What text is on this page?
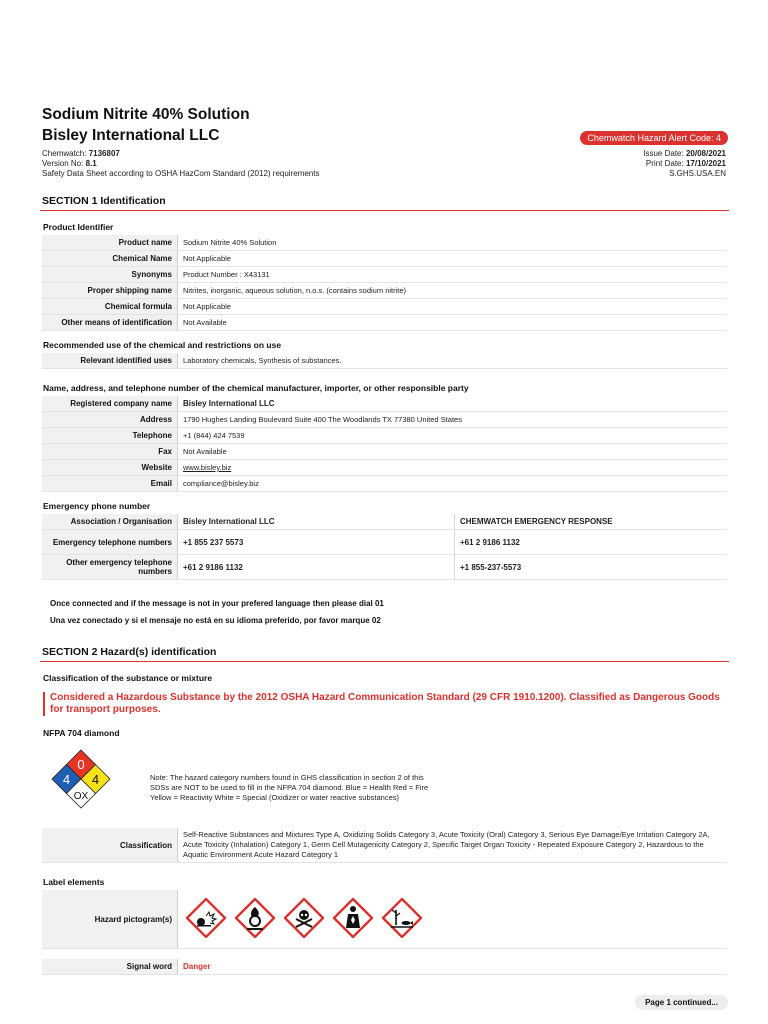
Sodium Nitrite 40% Solution
Bisley International LLC
Chemwatch: 7136807
Version No: 8.1
Safety Data Sheet according to OSHA HazCom Standard (2012) requirements
Chemwatch Hazard Alert Code: 4
Issue Date: 20/08/2021
Print Date: 17/10/2021
S.GHS.USA.EN
SECTION 1 Identification
Product Identifier
Product name	Sodium Nitrite 40% Solution
Chemical Name	Not Applicable
Synonyms	Product Number : X43131
Proper shipping name	Nitrites, inorganic, aqueous solution, n.o.s. (contains sodium nitrite)
Chemical formula	Not Applicable
Other means of identification	Not Available
Recommended use of the chemical and restrictions on use
Relevant identified uses	Laboratory chemicals, Synthesis of substances.
Name, address, and telephone number of the chemical manufacturer, importer, or other responsible party
Registered company name	Bisley International LLC
Address	1790 Hughes Landing Boulevard Suite 400 The Woodlands TX 77380 United States
Telephone	+1 (844) 424 7539
Fax	Not Available
Website	www.bisley.biz
Email	compliance@bisley.biz
Emergency phone number
Association / Organisation	Bisley International LLC	CHEMWATCH EMERGENCY RESPONSE
Emergency telephone numbers	+1 855 237 5573	+61 2 9186 1132
Other emergency telephone numbers	+61 2 9186 1132	+1 855-237-5573
Once connected and if the message is not in your prefered language then please dial 01
Una vez conectado y si el mensaje no está en su idioma preferido, por favor marque 02
SECTION 2 Hazard(s) identification
Classification of the substance or mixture
Considered a Hazardous Substance by the 2012 OSHA Hazard Communication Standard (29 CFR 1910.1200). Classified as Dangerous Goods for transport purposes.
NFPA 704 diamond
0
4 4
OX
Note: The hazard category numbers found in GHS classification in section 2 of this SDSs are NOT to be used to fill in the NFPA 704 diamond. Blue = Health Red = Fire Yellow = Reactivity White = Special (Oxidizer or water reactive substances)
Classification	Self-Reactive Substances and Mixtures Type A, Oxidizing Solids Category 3, Acute Toxicity (Oral) Category 3, Serious Eye Damage/Eye Irritation Category 2A, Acute Toxicity (Inhalation) Category 1, Germ Cell Mutagenicity Category 2, Specific Target Organ Toxicity - Repeated Exposure Category 2, Hazardous to the Aquatic Environment Acute Hazard Category 1
Label elements
Hazard pictogram(s)	
Signal word	Danger
Page 1 continued...
